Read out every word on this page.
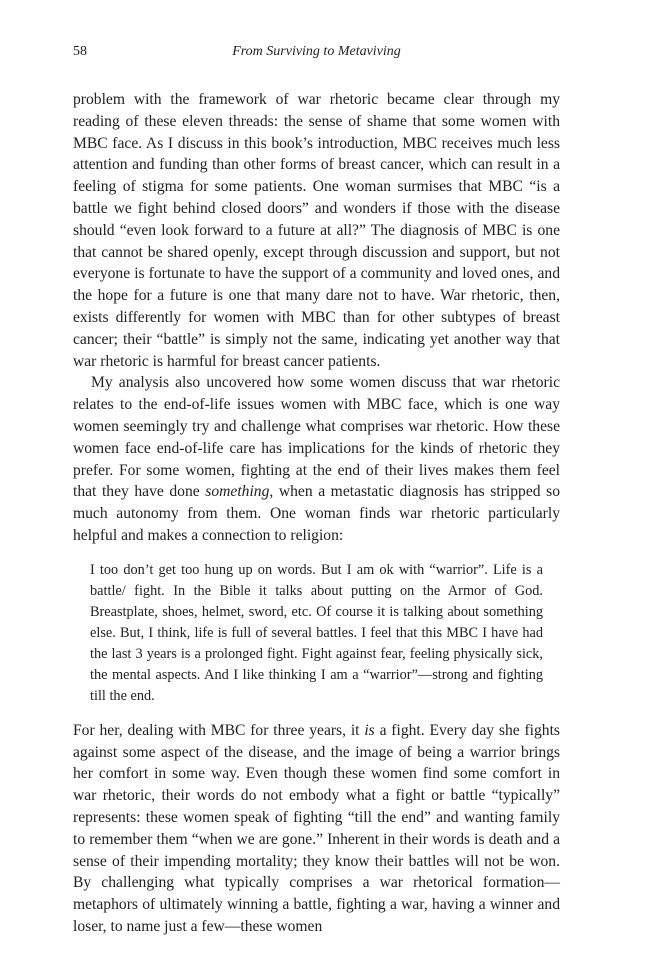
58	From Surviving to Metaviving

problem with the framework of war rhetoric became clear through my reading of these eleven threads: the sense of shame that some women with MBC face. As I discuss in this book’s introduction, MBC receives much less attention and funding than other forms of breast cancer, which can result in a feeling of stigma for some patients. One woman surmises that MBC “is a battle we fight behind closed doors” and wonders if those with the disease should “even look forward to a future at all?” The diagnosis of MBC is one that cannot be shared openly, except through discussion and support, but not everyone is fortunate to have the support of a community and loved ones, and the hope for a future is one that many dare not to have. War rhetoric, then, exists differently for women with MBC than for other subtypes of breast cancer; their “battle” is simply not the same, indicating yet another way that war rhetoric is harmful for breast cancer patients.

My analysis also uncovered how some women discuss that war rhetoric relates to the end-of-life issues women with MBC face, which is one way women seemingly try and challenge what comprises war rhetoric. How these women face end-of-life care has implications for the kinds of rhetoric they prefer. For some women, fighting at the end of their lives makes them feel that they have done something, when a metastatic diagnosis has stripped so much autonomy from them. One woman finds war rhetoric particularly helpful and makes a connection to religion:

I too don’t get too hung up on words. But I am ok with “warrior”. Life is a battle/ fight. In the Bible it talks about putting on the Armor of God. Breastplate, shoes, helmet, sword, etc. Of course it is talking about something else. But, I think, life is full of several battles. I feel that this MBC I have had the last 3 years is a prolonged fight. Fight against fear, feeling physically sick, the mental aspects. And I like thinking I am a “warrior”—strong and fighting till the end.

For her, dealing with MBC for three years, it is a fight. Every day she fights against some aspect of the disease, and the image of being a warrior brings her comfort in some way. Even though these women find some comfort in war rhetoric, their words do not embody what a fight or battle “typically” represents: these women speak of fighting “till the end” and wanting family to remember them “when we are gone.” Inherent in their words is death and a sense of their impending mortality; they know their battles will not be won. By challenging what typically comprises a war rhetorical formation—metaphors of ultimately winning a battle, fighting a war, having a winner and loser, to name just a few—these women
